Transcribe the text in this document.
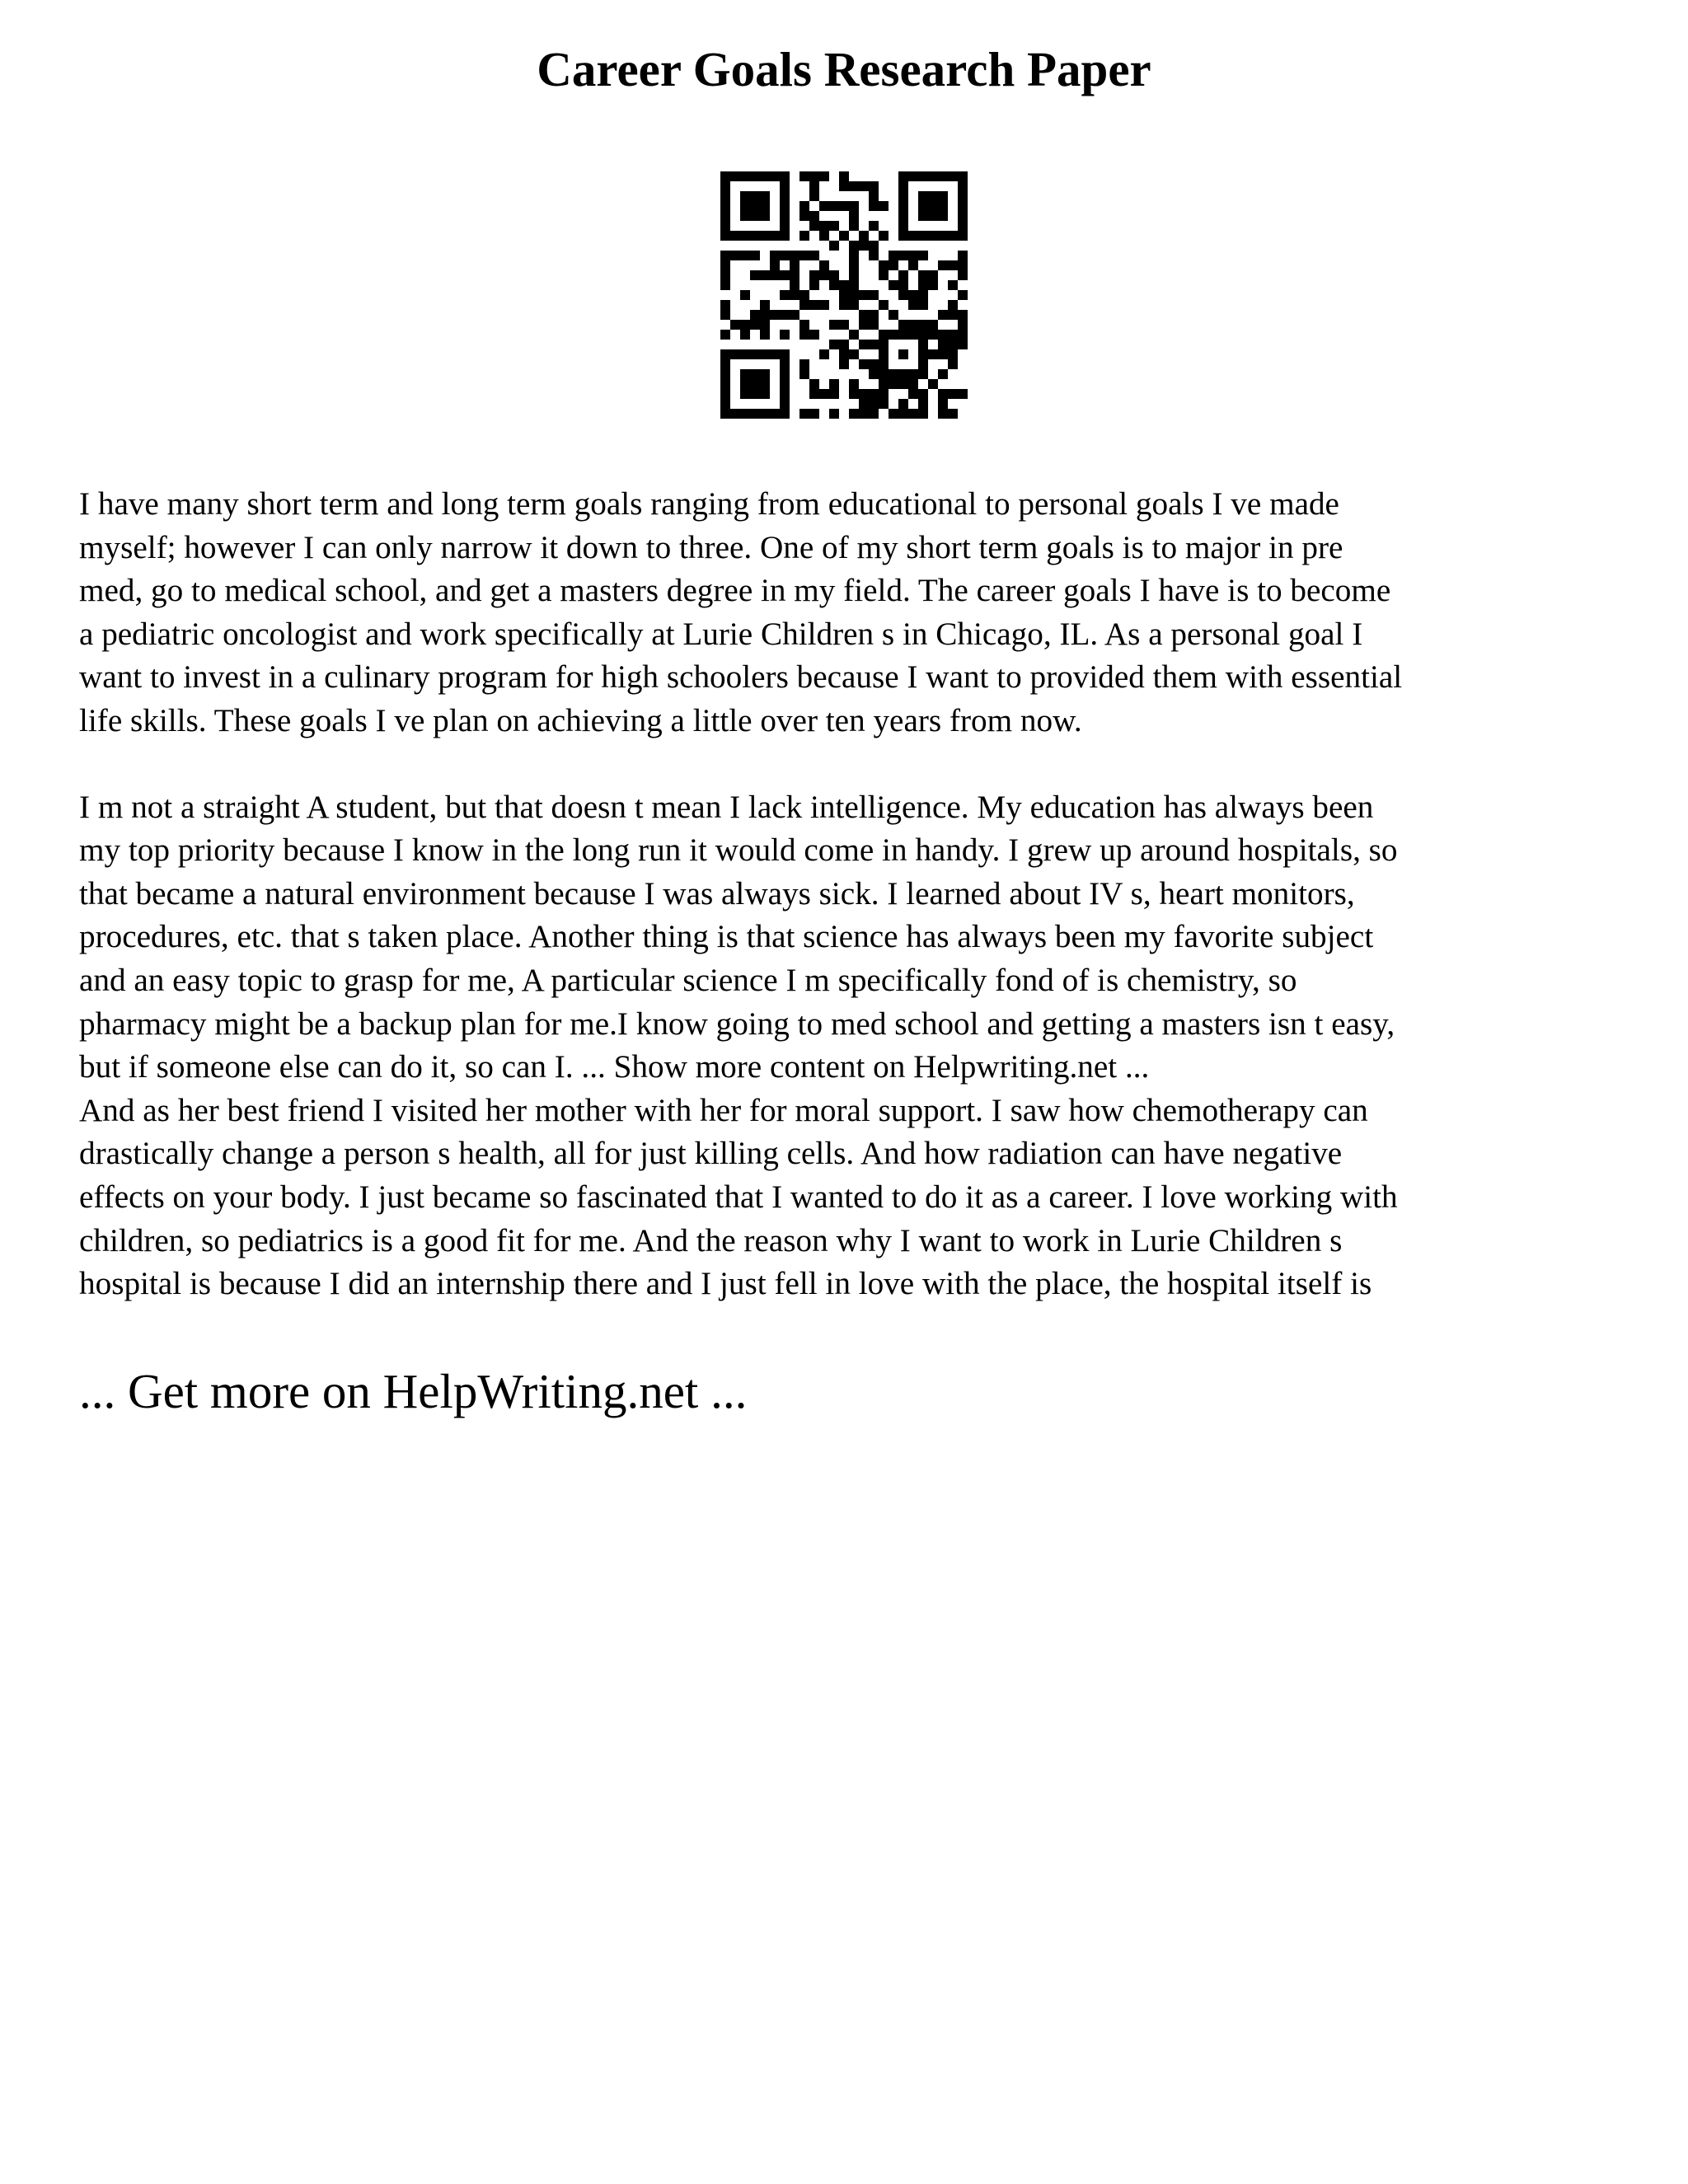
Career Goals Research Paper
I have many short term and long term goals ranging from educational to personal goals I ve made
myself; however I can only narrow it down to three. One of my short term goals is to major in pre
med, go to medical school, and get a masters degree in my field. The career goals I have is to become
a pediatric oncologist and work specifically at Lurie Children s in Chicago, IL. As a personal goal I
want to invest in a culinary program for high schoolers because I want to provided them with essential
life skills. These goals I ve plan on achieving a little over ten years from now.
I m not a straight A student, but that doesn t mean I lack intelligence. My education has always been
my top priority because I know in the long run it would come in handy. I grew up around hospitals, so
that became a natural environment because I was always sick. I learned about IV s, heart monitors,
procedures, etc. that s taken place. Another thing is that science has always been my favorite subject
and an easy topic to grasp for me, A particular science I m specifically fond of is chemistry, so
pharmacy might be a backup plan for me.I know going to med school and getting a masters isn t easy,
but if someone else can do it, so can I. ... Show more content on Helpwriting.net ...
And as her best friend I visited her mother with her for moral support. I saw how chemotherapy can
drastically change a person s health, all for just killing cells. And how radiation can have negative
effects on your body. I just became so fascinated that I wanted to do it as a career. I love working with
children, so pediatrics is a good fit for me. And the reason why I want to work in Lurie Children s
hospital is because I did an internship there and I just fell in love with the place, the hospital itself is

... Get more on HelpWriting.net ...
